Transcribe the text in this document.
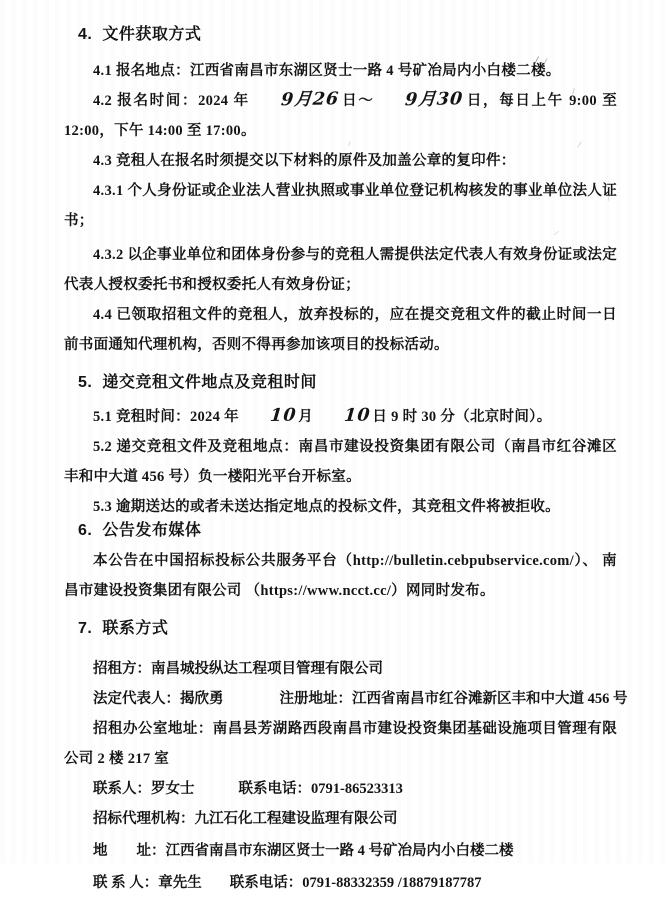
4. 文件获取方式

4.1 报名地点：江西省南昌市东湖区贤士一路 4 号矿冶局内小白楼二楼。

4.2 报名时间：2024 年 9月26日～ 9月30日，每日上午 9:00 至 12:00，下午 14:00 至 17:00。

4.3 竞租人在报名时须提交以下材料的原件及加盖公章的复印件：

4.3.1 个人身份证或企业法人营业执照或事业单位登记机构核发的事业单位法人证书；

4.3.2 以企事业单位和团体身份参与的竞租人需提供法定代表人有效身份证或法定代表人授权委托书和授权委托人有效身份证；

4.4 已领取招租文件的竞租人，放弃投标的，应在提交竞租文件的截止时间一日前书面通知代理机构，否则不得再参加该项目的投标活动。

5. 递交竞租文件地点及竞租时间

5.1 竞租时间：2024 年 10月 10日 9 时 30 分（北京时间）。

5.2 递交竞租文件及竞租地点：南昌市建设投资集团有限公司（南昌市红谷滩区丰和中大道 456 号）负一楼阳光平台开标室。

5.3 逾期送达的或者未送达指定地点的投标文件，其竞租文件将被拒收。

6. 公告发布媒体

本公告在中国招标投标公共服务平台（http://bulletin.cebpubservice.com/）、 南昌市建设投资集团有限公司 （https://www.ncct.cc/）网同时发布。

7. 联系方式
招租方：南昌城投纵达工程项目管理有限公司
法定代表人：揭欣勇	注册地址：江西省南昌市红谷滩新区丰和中大道 456 号

招租办公室地址：南昌县芳湖路西段南昌市建设投资集团基础设施项目管理有限公司 2 楼 217 室

联系人：罗女士	联系电话：0791-86523313
招标代理机构：九江石化工程建设监理有限公司
地　　址：江西省南昌市东湖区贤士一路 4 号矿冶局内小白楼二楼
联 系 人：章先生 联系电话：0791-88332359 /18879187787
